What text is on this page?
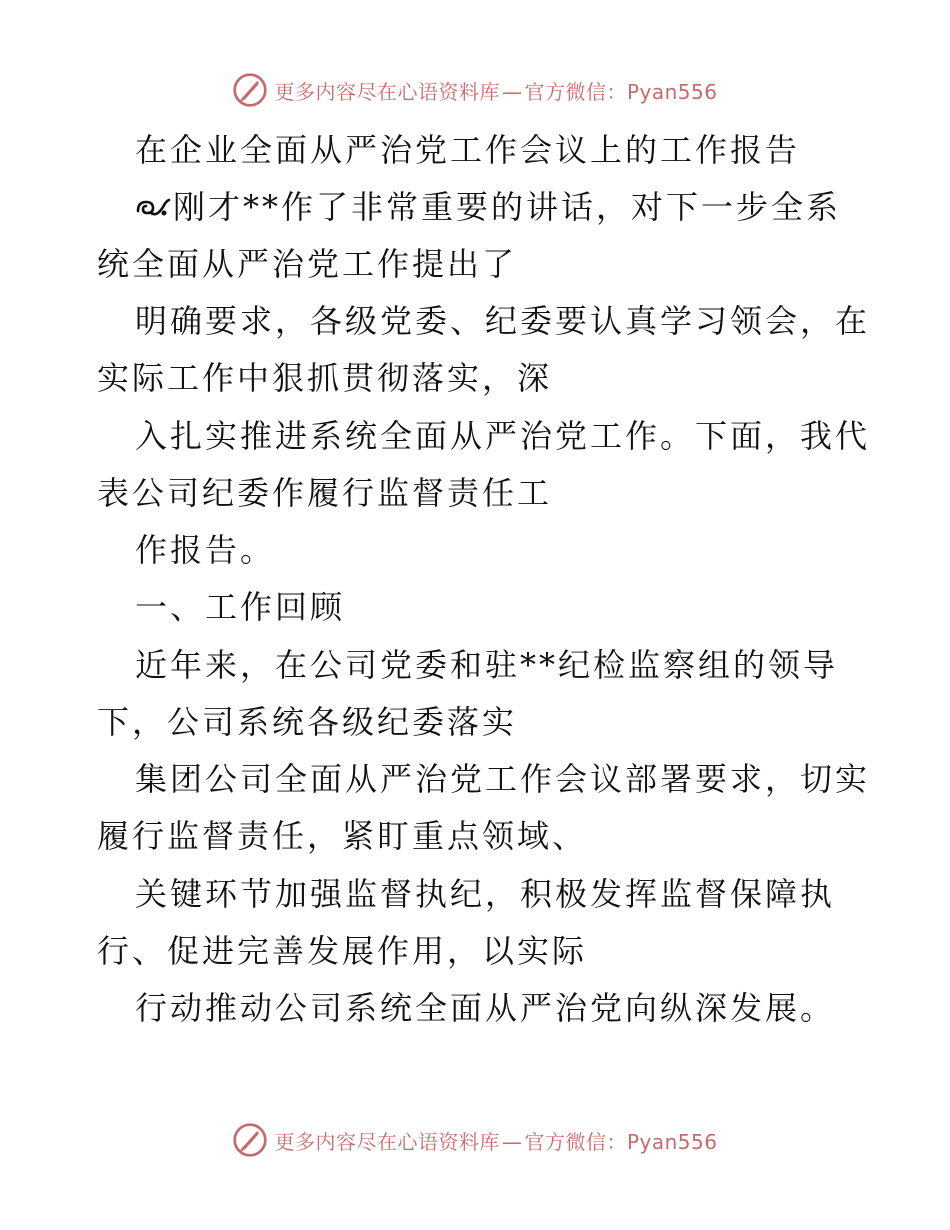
更多内容尽在心语资料库 — 官方微信：Pyan556
在企业全面从严治党工作会议上的工作报告
刚才**作了非常重要的讲话，对下一步全系
统全面从严治党工作提出了
明确要求，各级党委、纪委要认真学习领会，在
实际工作中狠抓贯彻落实，深
入扎实推进系统全面从严治党工作。下面，我代
表公司纪委作履行监督责任工
作报告。
一、工作回顾
近年来，在公司党委和驻**纪检监察组的领导
下，公司系统各级纪委落实
集团公司全面从严治党工作会议部署要求，切实
履行监督责任，紧盯重点领域、
关键环节加强监督执纪，积极发挥监督保障执
行、促进完善发展作用，以实际
行动推动公司系统全面从严治党向纵深发展。
更多内容尽在心语资料库 — 官方微信：Pyan556
